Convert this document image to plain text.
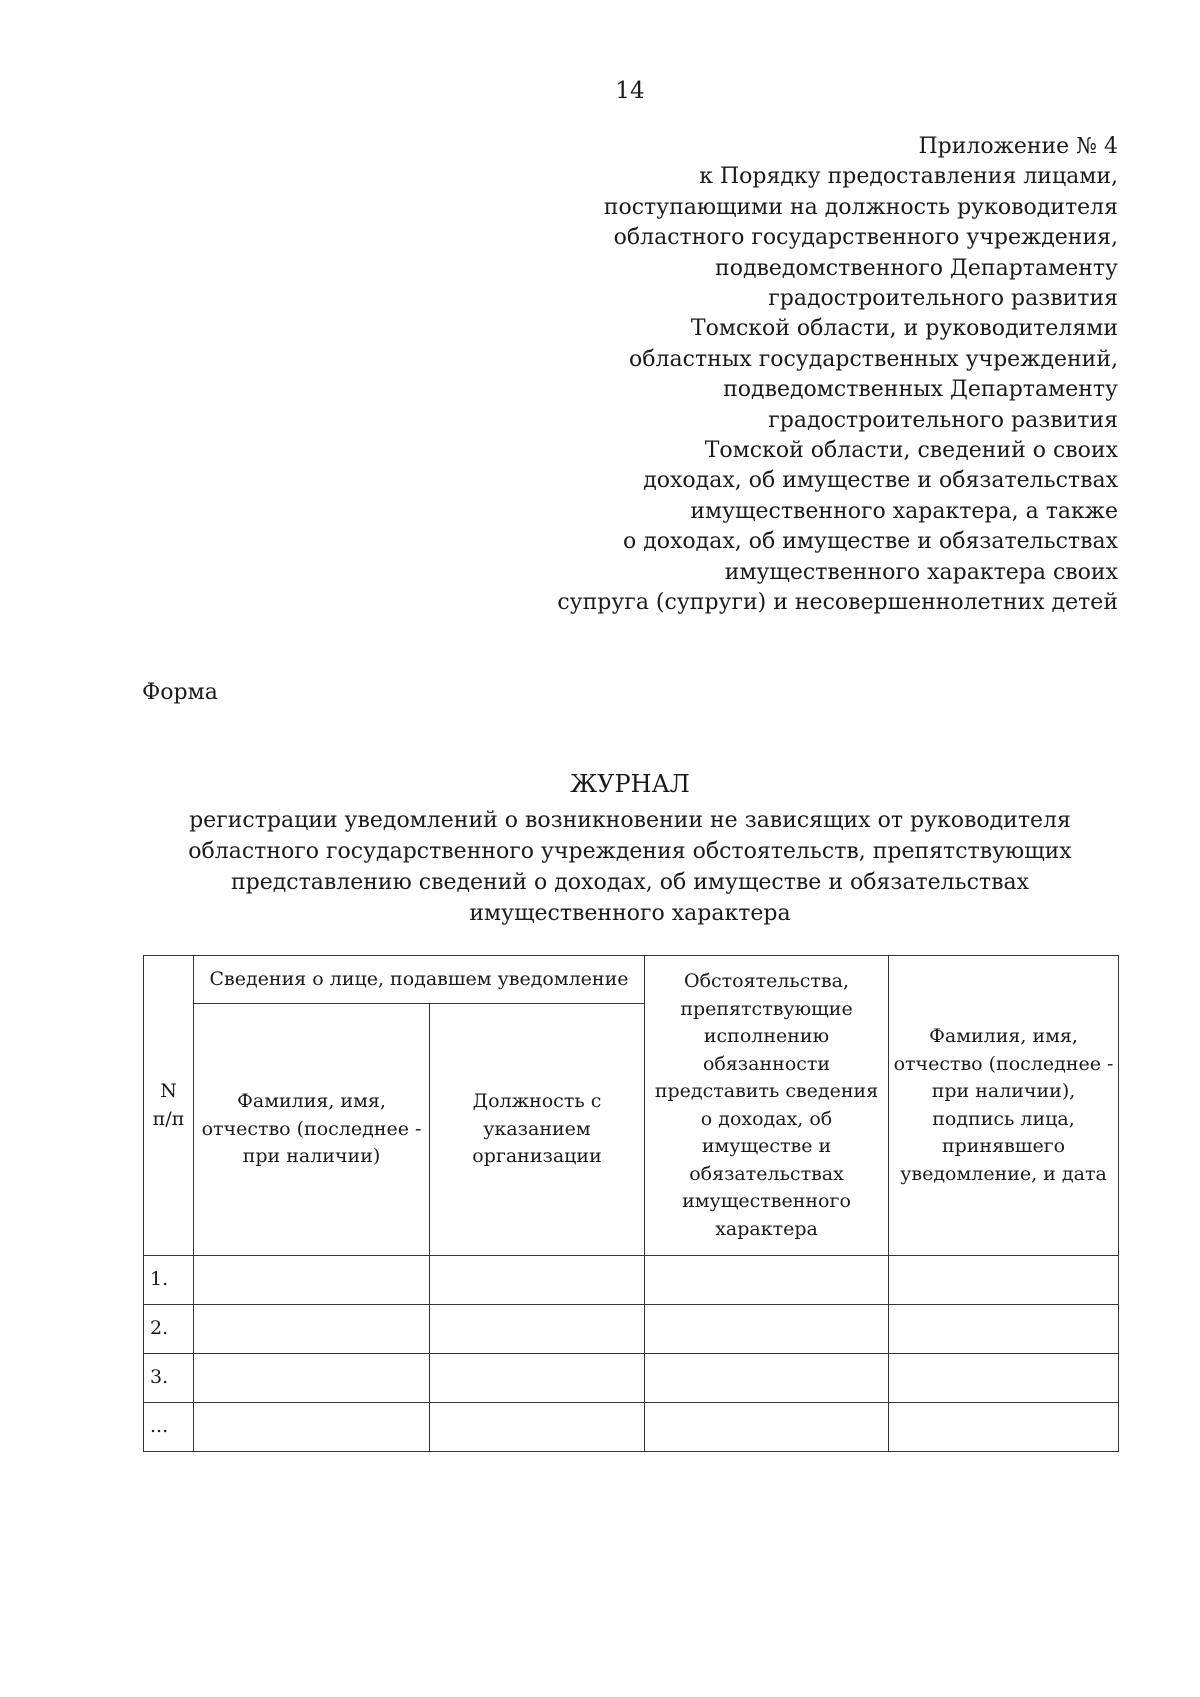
14
Приложение № 4
к Порядку предоставления лицами,
поступающими на должность руководителя
областного государственного учреждения,
подведомственного Департаменту
градостроительного развития
Томской области, и руководителями
областных государственных учреждений,
подведомственных Департаменту
градостроительного развития
Томской области, сведений о своих
доходах, об имуществе и обязательствах
имущественного характера, а также
о доходах, об имуществе и обязательствах
имущественного характера своих
супруга (супруги) и несовершеннолетних детей
Форма
ЖУРНАЛ
регистрации уведомлений о возникновении не зависящих от руководителя
областного государственного учреждения обстоятельств, препятствующих
представлению сведений о доходах, об имуществе и обязательствах
имущественного характера
N п/п	Сведения о лице, подавшем уведомление		Обстоятельства, препятствующие исполнению обязанности представить сведения о доходах, об имуществе и обязательствах имущественного характера	Фамилия, имя, отчество (последнее - при наличии), подпись лица, принявшего уведомление, и дата

	Фамилия, имя, отчество (последнее - при наличии)	Должность с указанием организации		

1.				
2.				
3.				
...				
